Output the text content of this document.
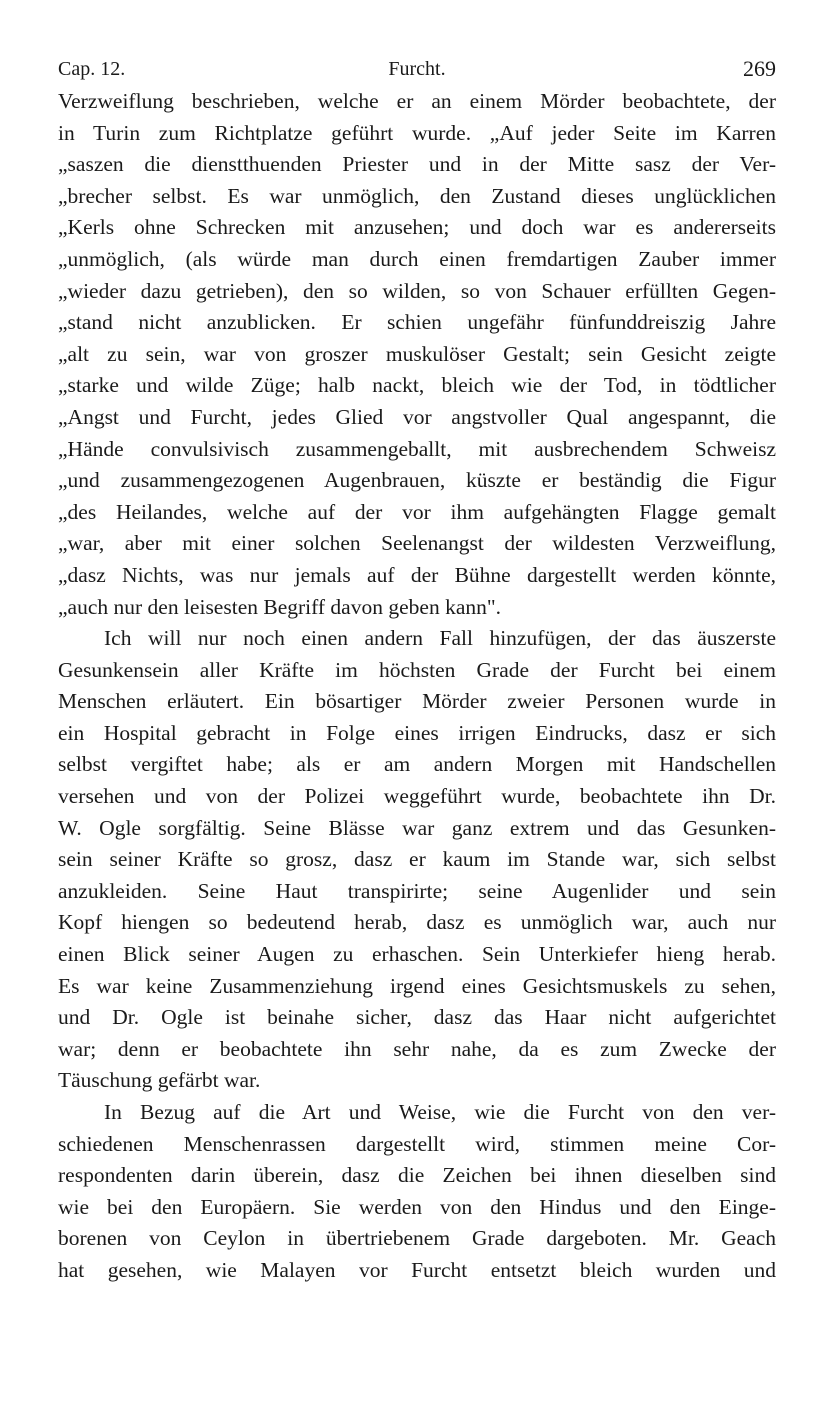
Cap. 12.	Furcht.	269
Verzweiflung beschrieben, welche er an einem Mörder beobachtete, der
in Turin zum Richtplatze geführt wurde. „Auf jeder Seite im Karren
„saszen die dienstthuenden Priester und in der Mitte sasz der Ver-
„brecher selbst. Es war unmöglich, den Zustand dieses unglücklichen
„Kerls ohne Schrecken mit anzusehen; und doch war es andererseits
„unmöglich, (als würde man durch einen fremdartigen Zauber immer
„wieder dazu getrieben), den so wilden, so von Schauer erfüllten Gegen-
„stand nicht anzublicken. Er schien ungefähr fünfunddreiszig Jahre
„alt zu sein, war von groszer muskulöser Gestalt; sein Gesicht zeigte
„starke und wilde Züge; halb nackt, bleich wie der Tod, in tödtlicher
„Angst und Furcht, jedes Glied vor angstvoller Qual angespannt, die
„Hände convulsivisch zusammengeballt, mit ausbrechendem Schweisz
„und zusammengezogenen Augenbrauen, küszte er beständig die Figur
„des Heilandes, welche auf der vor ihm aufgehängten Flagge gemalt
„war, aber mit einer solchen Seelenangst der wildesten Verzweiflung,
„dasz Nichts, was nur jemals auf der Bühne dargestellt werden könnte,
„auch nur den leisesten Begriff davon geben kann".
Ich will nur noch einen andern Fall hinzufügen, der das äuszerste
Gesunkensein aller Kräfte im höchsten Grade der Furcht bei einem
Menschen erläutert. Ein bösartiger Mörder zweier Personen wurde in
ein Hospital gebracht in Folge eines irrigen Eindrucks, dasz er sich
selbst vergiftet habe; als er am andern Morgen mit Handschellen
versehen und von der Polizei weggeführt wurde, beobachtete ihn Dr.
W. Ogle sorgfältig. Seine Blässe war ganz extrem und das Gesunken-
sein seiner Kräfte so grosz, dasz er kaum im Stande war, sich selbst
anzukleiden. Seine Haut transpirirte; seine Augenlider und sein
Kopf hiengen so bedeutend herab, dasz es unmöglich war, auch nur
einen Blick seiner Augen zu erhaschen. Sein Unterkiefer hieng herab.
Es war keine Zusammenziehung irgend eines Gesichtsmuskels zu sehen,
und Dr. Ogle ist beinahe sicher, dasz das Haar nicht aufgerichtet
war; denn er beobachtete ihn sehr nahe, da es zum Zwecke der
Täuschung gefärbt war.
In Bezug auf die Art und Weise, wie die Furcht von den ver-
schiedenen Menschenrassen dargestellt wird, stimmen meine Cor-
respondenten darin überein, dasz die Zeichen bei ihnen dieselben sind
wie bei den Europäern. Sie werden von den Hindus und den Einge-
borenen von Ceylon in übertriebenem Grade dargeboten. Mr. Geach
hat gesehen, wie Malayen vor Furcht entsetzt bleich wurden und
